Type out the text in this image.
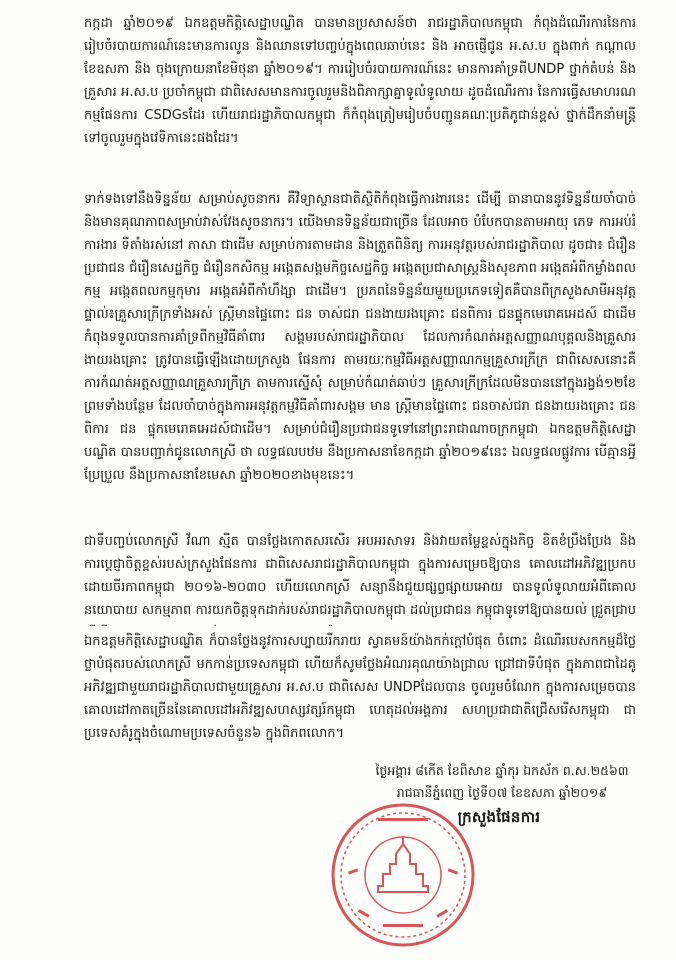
កក្កដា ឆ្នាំ២០១៩ ឯកឧត្តមកិត្តិសេដ្ឋាបណ្ឌិត បានមានប្រសាសន៍ថា រាជរដ្ឋាភិបាលកម្ពុជា កំពុងដំណើរការនៃការ រៀបចំរបាយការណ៍នេះមានការលូន និងឈានទៅបញ្ចប់ក្នុងពេលឆាប់នេះ និង អាចផ្ញើជូន អ.ស.ប ក្នុងពាក់ កណ្តាល ខែឧសភា និង ចុងក្រោយនាខែមិថុនា ឆ្នាំ២០១៩។ ការរៀបចំរបាយការណ៍នេះ មានការគាំទ្រពីUNDP ថ្នាក់តំបន់ និង គ្រួសារ អ.ស.ប ប្រចាំកម្ពុជា ជាពិសេសមានការចូលរួមនិងពិភាក្សាគ្នាទូលំទូលាយ ដូចដំណើរការ នៃការធ្វើសមាហរណកម្មផែនការ CSDGsដែរ ហើយរាជរដ្ឋាភិបាលកម្ពុជា ក៏កំពុងត្រៀមរៀបចំបញ្ជូនគណៈប្រតិភូជាន់ខ្ពស់ ថ្នាក់ដឹកនាំមន្ត្រីទៅចូលរួមក្នុងវេទិកានេះផងដែរ។

ទាក់ទងទៅនឹងទិន្នន័យ សម្រាប់សូចនាករ គឺវិទ្យាស្ថានជាតិស្ថិតិកំពុងធ្វើការងារនេះ ដើម្បី ធានាបាននូវទិន្នន័យចាំបាច់និងមានគុណភាពសម្រាប់វាស់វែងសូចនាករ។ យើងមានទិន្នន័យជាច្រើន ដែលអាច បំបែកបានតាមអាយុ ភេទ ការអប់រំ ការងារ ទីតាំងរស់នៅ ភាសា ជាដើម សម្រាប់ការតាមដាន និងត្រួតពិនិត្យ ការអនុវត្តរបស់រាជរដ្ឋាភិបាល ដូចជា៖ ជំរឿនប្រជាជន ជំរឿនសេដ្ឋកិច្ច ជំរឿនកសិកម្ម អង្កេតសង្គមកិច្ចសេដ្ឋកិច្ច អង្កេតប្រជាសាស្ត្រនិងសុខភាព អង្កេតអំពីកម្លាំងពលកម្ម អង្កេតពលកម្មកុមារ អង្កេតអំពីកាំហឹង្សា ជាដើម។ ប្រភពនៃទិន្នន័យមួយប្រភេទទៀតគឺបានពីក្រសួងសាមីអនុវត្តផ្ទាល់៖គ្រួសារក្រីក្រទាំងអស់ ស្ត្រីមានផ្ទៃពោះ ជន ចាស់ជរា ជនងាយរងគ្រោះ ជនពិការ ជនផ្ទុកមេរោគអេដស៍ ជាដើម កំពុងទទួលបានការគាំទ្រពីកម្មវិធីគាំពារ សង្គមរបស់រាជរដ្ឋាភិបាល ដែលការកំណត់អត្តសញ្ញាណបុគ្គលនិងគ្រួសារងាយរងគ្រោះ ត្រូវបានធ្វើឡើងដោយក្រសួង ផែនការ តាមរយៈកម្មវិធីអត្តសញ្ញាណកម្មគ្រួសារក្រីក្រ ជាពិសេសនោះគឺការកំណត់អត្តសញ្ញាណគ្រួសារក្រីក្រ តាមការស្នើសុំ សម្រាប់កំណត់ឆាប់ៗ គ្រួសារក្រីក្រដែលមិនបាននៅក្នុងរង្វង់១២ខែ ព្រមទាំងបន្ថែម ដែលចាំបាច់ក្នុងការអនុវត្តកម្មវិធីគាំពារសង្គម មាន ស្ត្រីមានផ្ទៃពោះ ជនចាស់ជរា ជនងាយរងគ្រោះ ជនពិការ ជន ផ្ទុកមេរោគអេដស៍ជាដើម។ សម្រាប់ជំរឿនប្រជាជនទូទៅនៅព្រះរាជាណាចក្រកម្ពុជា ឯកឧត្តមកិត្តិសេដ្ឋាបណ្ឌិត បានបញ្ជាក់ជូនលោកស្រី ថា លទ្ធផលបឋម នឹងប្រកាសនាខែកក្កដា ឆ្នាំ២០១៩នេះ ឯលទ្ធផលផ្លូវការ បើគ្មានអ្វី ប្រែប្រួល នឹងប្រកាសនាខែមេសា ឆ្នាំ២០២០ខាងមុខនេះ។

ជាទីបញ្ចប់លោកស្រី វ័ណា ស្មីត បានថ្លែងកោតសរសើរ អបអរសាទរ និងវាយតម្លៃខ្ពស់ក្នុងកិច្ច ខិតខំប្រឹងប្រែង និងការប្តេជ្ញាចិត្តខ្ពស់របស់ក្រសួងផែនការ ជាពិសេសរាជរដ្ឋាភិបាលកម្ពុជា ក្នុងការសម្រេចឱ្យបាន គោលដៅអភិវឌ្ឍប្រកបដោយចីរភាពកម្ពុជា ២០១៦-២០៣០ ហើយលោកស្រី សន្យានឹងជួយផ្សព្វផ្សាយអោយ បានទូលំទូលាយអំពីគោលនយោបាយ សកម្មភាព ការយកចិត្តទុកដាក់របស់រាជរដ្ឋាភិបាលកម្ពុជា ដល់ប្រជាជន កម្ពុជាទូទៅឱ្យបានយល់ ជ្រួតជ្រាប

ឯកឧត្តមកិត្តិសេដ្ឋាបណ្ឌិត ក៏បានថ្លែងនូវការសប្បាយរីករាយ ស្វាគមន៍យ៉ាងកក់ក្តៅបំផុត ចំពោះ ដំណើរបេសកកម្មដ៏ថ្លៃថ្លាបំផុតរបស់លោកស្រី មកកាន់ប្រទេសកម្ពុជា ហើយក៏សូមថ្លែងអំណរគុណយ៉ាងជ្រាល ជ្រៅជាទីបំផុត ក្នុងភាពជាដៃគូអភិវឌ្ឍជាមួយរាជរដ្ឋាភិបាលជាមួយគ្រួសារ អ.ស.ប ជាពិសេស UNDPដែលបាន ចូលរួមចំណែក ក្នុងការសម្រេចបានគោលដៅកាតច្រើននៃគោលដៅអភិវឌ្ឍសហស្សវត្សរ៍កម្ពុជា ហេតុដល់អង្គការ សហប្រជាជាតិជ្រើសរើសកម្ពុជា ជាប្រទេសគំរូក្នុងចំណោមប្រទេសចំនួន៦ ក្នុងពិភពលោក។

ថ្ងៃអង្គារ ៨កើត ខែពិសាខ ឆ្នាំកុរ ឯកស័ក ព.ស.២៥៦៣
រាជធានីភ្នំពេញ ថ្ងៃទី០៧ ខែឧសភា ឆ្នាំ២០១៩
ក្រសួងផែនការ
